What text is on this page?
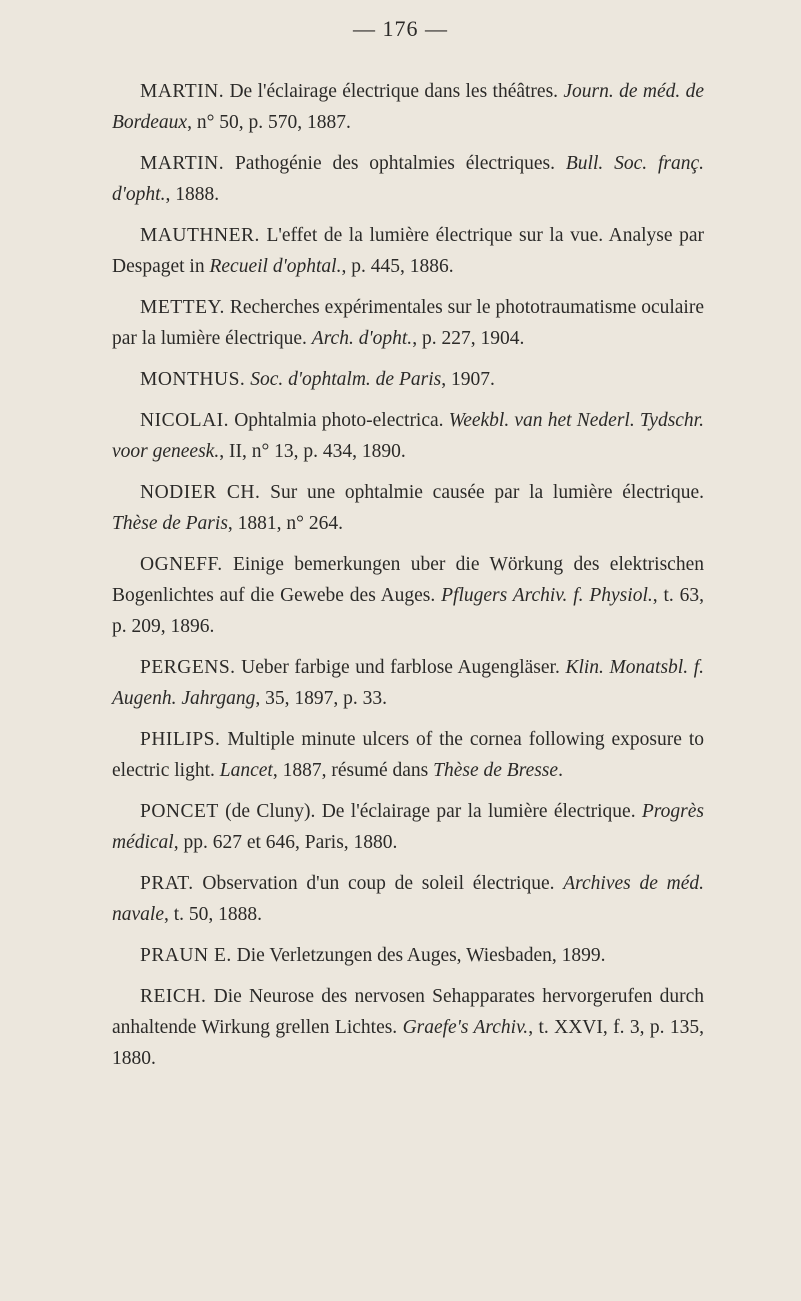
— 176 —

MARTIN. De l'éclairage électrique dans les théâtres. Journ. de méd. de Bordeaux, n° 50, p. 570, 1887.

MARTIN. Pathogénie des ophtalmies électriques. Bull. Soc. franç. d'opht., 1888.

MAUTHNER. L'effet de la lumière électrique sur la vue. Analyse par Despaget in Recueil d'ophtal., p. 445, 1886.

METTEY. Recherches expérimentales sur le phototraumatisme oculaire par la lumière électrique. Arch. d'opht., p. 227, 1904.

MONTHUS. Soc. d'ophtalm. de Paris, 1907.

NICOLAI. Ophtalmia photo-electrica. Weekbl. van het Nederl. Tydschr. voor geneesk., II, n° 13, p. 434, 1890.

NODIER CH. Sur une ophtalmie causée par la lumière électrique. Thèse de Paris, 1881, n° 264.

OGNEFF. Einige bemerkungen uber die Wörkung des elektrischen Bogenlichtes auf die Gewebe des Auges. Pflugers Archiv. f. Physiol., t. 63, p. 209, 1896.

PERGENS. Ueber farbige und farblose Augengläser. Klin. Monatsbl. f. Augenh. Jahrgang, 35, 1897, p. 33.

PHILIPS. Multiple minute ulcers of the cornea following exposure to electric light. Lancet, 1887, résumé dans Thèse de Bresse.

PONCET (de Cluny). De l'éclairage par la lumière électrique. Progrès médical, pp. 627 et 646, Paris, 1880.

PRAT. Observation d'un coup de soleil électrique. Archives de méd. navale, t. 50, 1888.

PRAUN E. Die Verletzungen des Auges, Wiesbaden, 1899.

REICH. Die Neurose des nervosen Sehapparates hervorgerufen durch anhaltende Wirkung grellen Lichtes. Graefe's Archiv., t. XXVI, f. 3, p. 135, 1880.
